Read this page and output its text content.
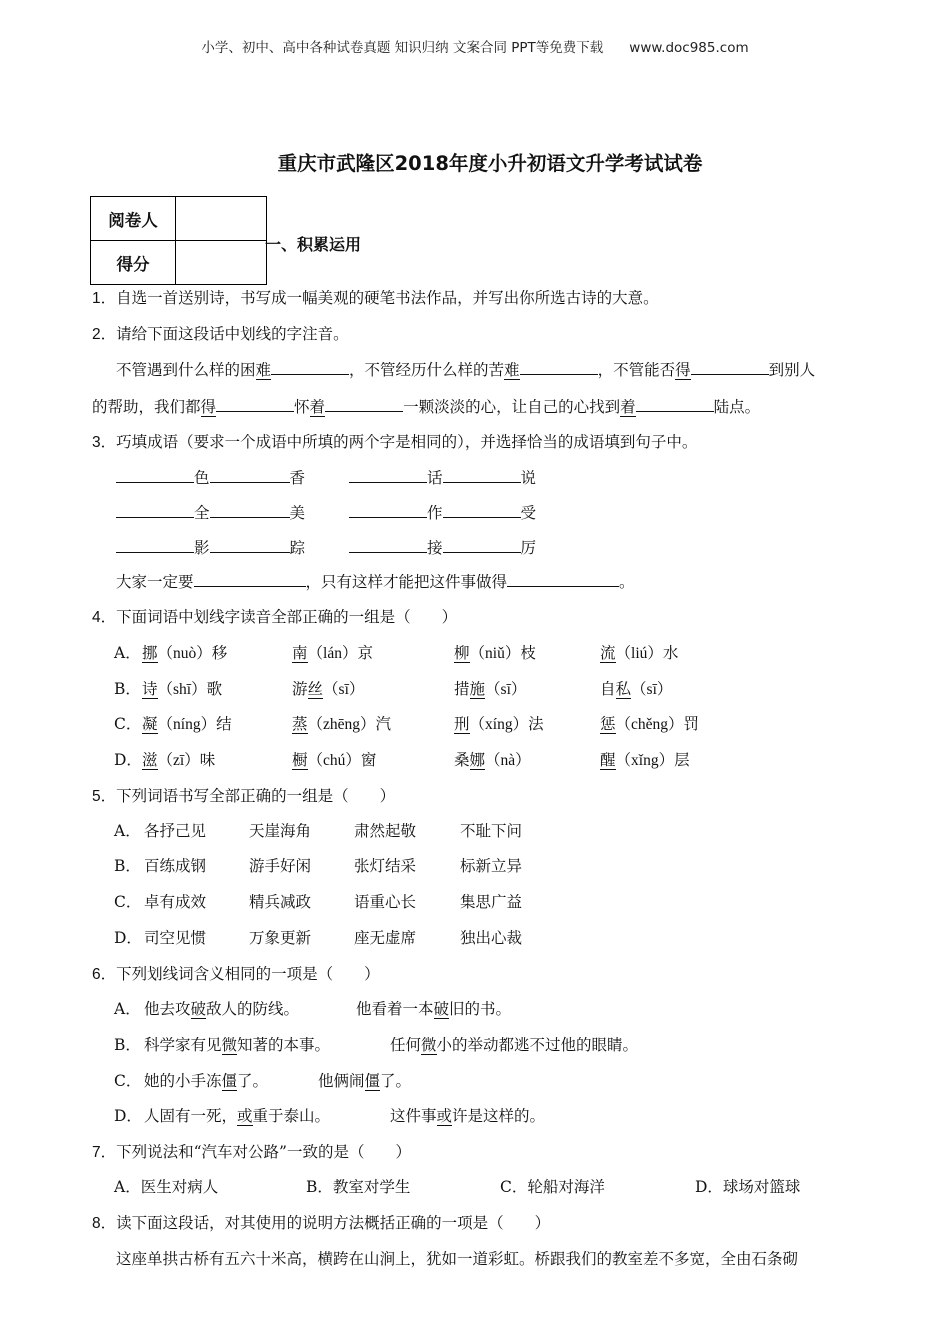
小学、初中、高中各种试卷真题 知识归纳 文案合同 PPT等免费下载 www.doc985.com
重庆市武隆区2018年度小升初语文升学考试试卷
阅卷人	
得分	
一、积累运用
1．自选一首送别诗，书写成一幅美观的硬笔书法作品，并写出你所选古诗的大意。
2．请给下面这段话中划线的字注音。
不管遇到什么样的困难	，不管经历什么样的苦难	，不管能否得	到别人
的帮助，我们都得	怀着	一颗淡淡的心，让自己的心找到着	陆点。
3．巧填成语（要求一个成语中所填的两个字是相同的），并选择恰当的成语填到句子中。
色	香	话	说
全	美	作	受
影	踪	接	厉
大家一定要	，只有这样才能把这件事做得	。
4．下面词语中划线字读音全部正确的一组是（　　）
A． 挪（nuò）移	南（lán）京	柳（niǔ）枝	流（liú）水
B． 诗（shī）歌	游丝（sī）	措施（sī）	自私（sī）
C． 凝（níng）结	蒸（zhēng）汽	刑（xíng）法	惩（chěng）罚
D． 滋（zī）味	橱（chú）窗	桑娜（nà）	醒（xǐng）层
5．下列词语书写全部正确的一组是（　　）
A． 各抒己见	天崖海角	肃然起敬	不耻下问
B． 百练成钢	游手好闲	张灯结采	标新立异
C． 卓有成效	精兵减政	语重心长	集思广益
D． 司空见惯	万象更新	座无虚席	独出心裁
6．下列划线词含义相同的一项是（　　）
A． 他去攻破敌人的防线。	他看着一本破旧的书。
B． 科学家有见微知著的本事。	任何微小的举动都逃不过他的眼睛。
C． 她的小手冻僵了。	他俩闹僵了。
D． 人固有一死，或重于泰山。	这件事或许是这样的。
7．下列说法和“汽车对公路”一致的是（　　）
A．医生对病人	B．教室对学生	C．轮船对海洋	D．球场对篮球
8．读下面这段话，对其使用的说明方法概括正确的一项是（　　）
这座单拱古桥有五六十米高，横跨在山涧上，犹如一道彩虹。桥跟我们的教室差不多宽，全由石条砌
